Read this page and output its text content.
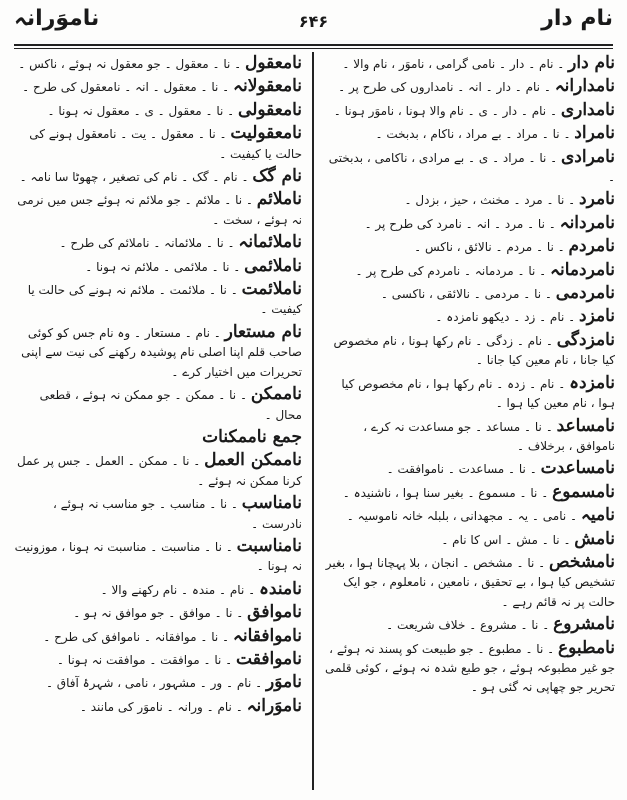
نام دار
۶۴۶
ناموَرانہ
نام دار ۔ نام ۔ دار ۔ نامی گرامی ، ناموَر ، نام والا ۔
نامدارانہ ۔ نام ۔ دار ۔ انہ ۔ نامداروں کی طرح پر ۔
نامداری ۔ نام ۔ دار ۔ ی ۔ نام والا ہونا ، ناموَر ہونا ۔
نامراد ۔ نا ۔ مراد ۔ بے مراد ، ناکام ، بدبخت ۔
نامرادی ۔ نا ۔ مراد ۔ ی ۔ بے مرادی ، ناکامی ، بدبختی ۔
نامرد ۔ نا ۔ مرد ۔ مخنث ، حیز ، بزدل ۔
نامردانہ ۔ نا ۔ مرد ۔ انہ ۔ نامرد کی طرح پر ۔
نامردم ۔ نا ۔ مردم ۔ نالائق ، ناکس ۔
نامردمانہ ۔ نا ۔ مردمانہ ۔ نامردم کی طرح پر ۔
نامردمی ۔ نا ۔ مردمی ۔ نالائقی ، ناکسی ۔
نامزد ۔ نام ۔ زد ۔ دیکھو نامزدہ ۔
نامزدگی ۔ نام ۔ زدگی ۔ نام رکھا ہونا ، نام مخصوص کیا جانا ، نام معین کیا جانا ۔
نامزدہ ۔ نام ۔ زدہ ۔ نام رکھا ہوا ، نام مخصوص کیا ہوا ، نام معین کیا ہوا ۔
نامساعد ۔ نا ۔ مساعد ۔ جو مساعدت نہ کرے ، ناموافق ، برخلاف ۔
نامساعدت ۔ نا ۔ مساعدت ۔ ناموافقت ۔
نامسموع ۔ نا ۔ مسموع ۔ بغیر سنا ہوا ، ناشنیدہ ۔
نامیہ ۔ نامی ۔ یہ ۔ مجھدانی ، بلبلہ خانہ ناموسیہ ۔
نامش ۔ نا ۔ مش ۔ اس کا نام ۔
نامشخص ۔ نا ۔ مشخص ۔ انجان ، بلا پہچانا ہوا ، بغیر تشخیص کیا ہوا ، بے تحقیق ، نامعین ، نامعلوم ، جو ایک حالت پر نہ قائم رہے ۔
نامشروع ۔ نا ۔ مشروع ۔ خلاف شریعت ۔
نامطبوع ۔ نا ۔ مطبوع ۔ جو طبیعت کو پسند نہ ہوئے ، جو غیر مطبوعہ ہوئے ، جو طبع شدہ نہ ہوئے ، کوئی قلمی تحریر جو چھاپی نہ گئی ہو ۔
نامعقول ۔ نا ۔ معقول ۔ جو معقول نہ ہوئے ، ناکس ۔
نامعقولانہ ۔ نا ۔ معقول ۔ انہ ۔ نامعقول کی طرح ۔
نامعقولی ۔ نا ۔ معقول ۔ ی ۔ معقول نہ ہونا ۔
نامعقولیت ۔ نا ۔ معقول ۔ یت ۔ نامعقول ہونے کی حالت یا کیفیت ۔
نام گک ۔ نام ۔ گک ۔ نام کی تصغیر ، چھوٹا سا نامہ ۔
ناملائم ۔ نا ۔ ملائم ۔ جو ملائم نہ ہوئے جس میں نرمی نہ ہوئے ، سخت ۔
ناملائمانہ ۔ نا ۔ ملائمانہ ۔ ناملائم کی طرح ۔
ناملائمی ۔ نا ۔ ملائمی ۔ ملائم نہ ہونا ۔
ناملائمت ۔ نا ۔ ملائمت ۔ ملائم نہ ہونے کی حالت یا کیفیت ۔
نام مستعار ۔ نام ۔ مستعار ۔ وہ نام جس کو کوئی صاحب قلم اپنا اصلی نام پوشیدہ رکھنے کی نیت سے اپنی تحریرات میں اختیار کرے ۔
ناممکن ۔ نا ۔ ممکن ۔ جو ممکن نہ ہوئے ، قطعی محال ۔
جمع ناممکنات
ناممکن العمل ۔ نا ۔ ممکن ۔ العمل ۔ جس پر عمل کرنا ممکن نہ ہوئے ۔
نامناسب ۔ نا ۔ مناسب ۔ جو مناسب نہ ہوئے ، نادرست ۔
نامناسبت ۔ نا ۔ مناسبت ۔ مناسبت نہ ہونا ، موزونیت نہ ہونا ۔
نامندہ ۔ نام ۔ مندہ ۔ نام رکھنے والا ۔
ناموافق ۔ نا ۔ موافق ۔ جو موافق نہ ہو ۔
ناموافقانہ ۔ نا ۔ موافقانہ ۔ ناموافق کی طرح ۔
ناموافقت ۔ نا ۔ موافقت ۔ موافقت نہ ہونا ۔
ناموَر ۔ نام ۔ ور ۔ مشہور ، نامی ، شہرۂ آفاق ۔
ناموَرانہ ۔ نام ۔ ورانہ ۔ ناموَر کی مانند ۔
